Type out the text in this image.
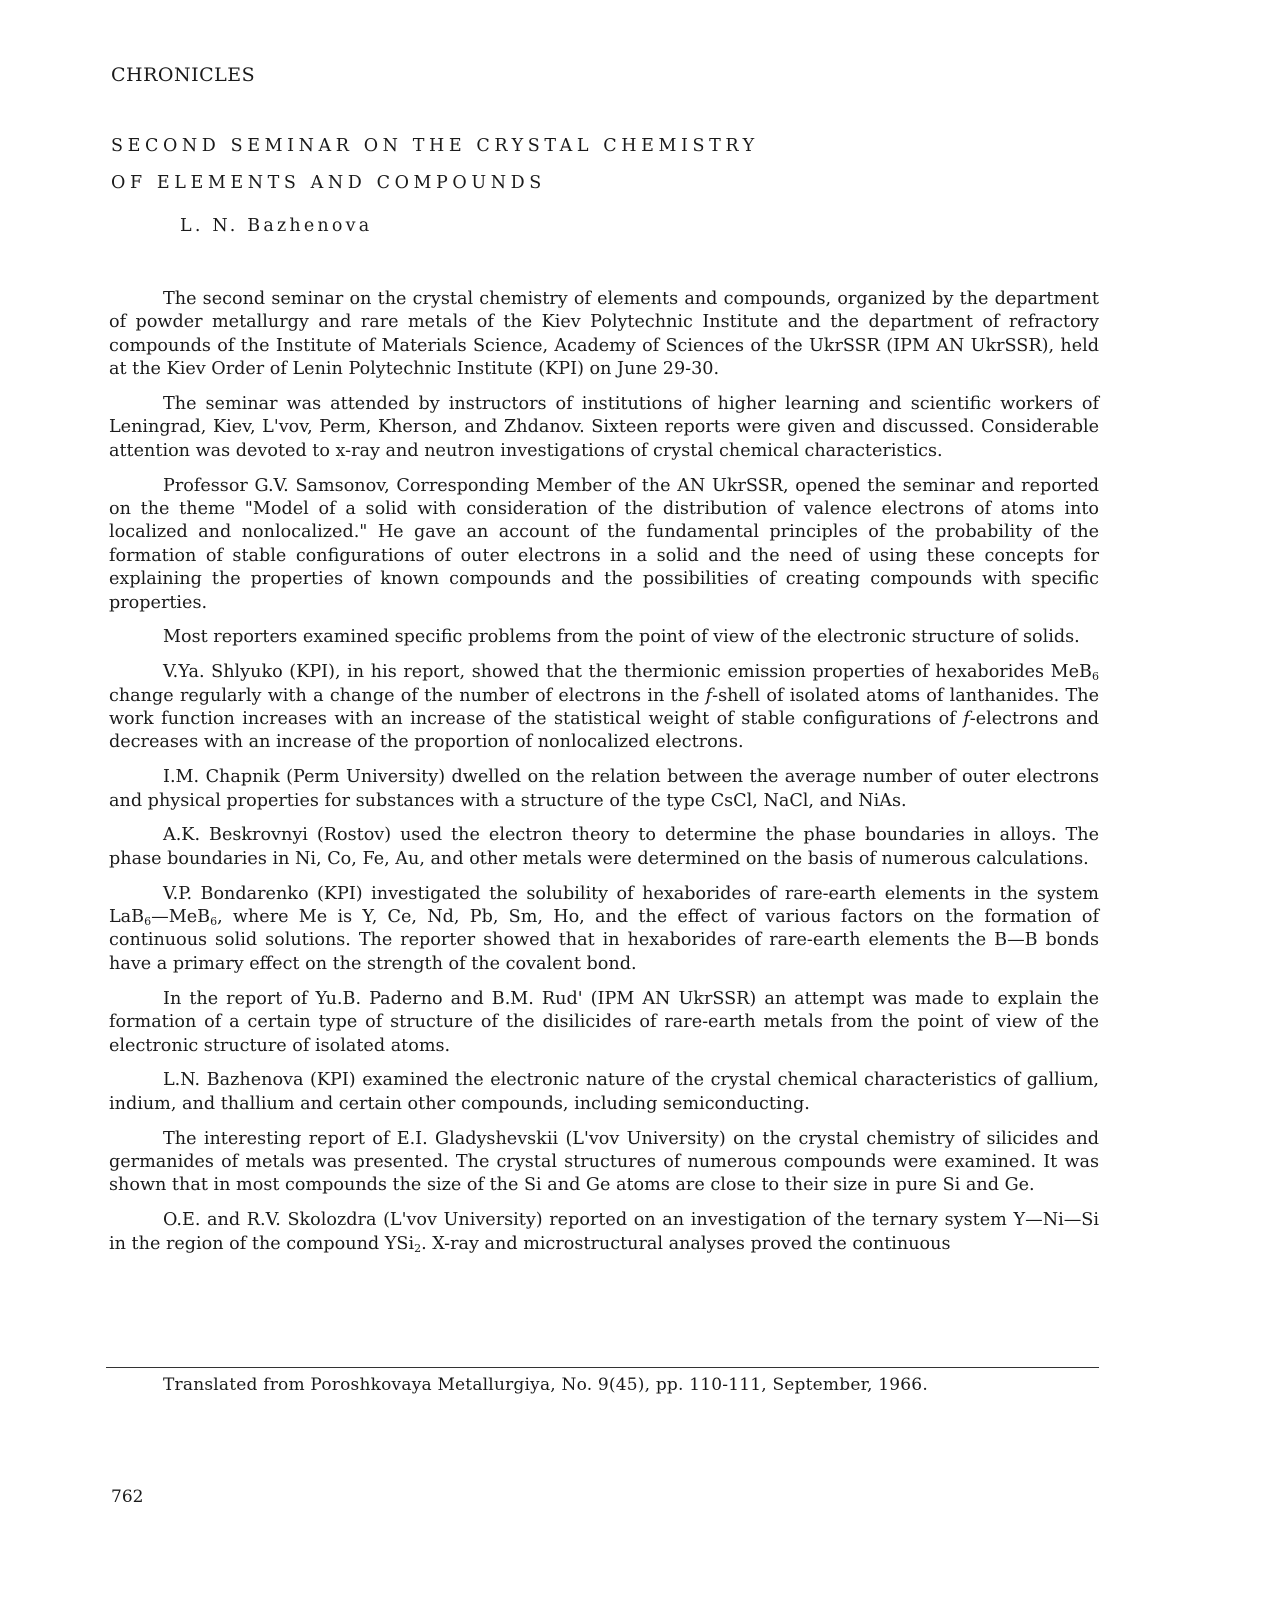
CHRONICLES
SECOND SEMINAR ON THE CRYSTAL CHEMISTRY
OF ELEMENTS AND COMPOUNDS
L. N. Bazhenova

The second seminar on the crystal chemistry of elements and compounds, organized by the department of powder metallurgy and rare metals of the Kiev Polytechnic Institute and the department of refractory compounds of the Institute of Materials Science, Academy of Sciences of the UkrSSR (IPM AN UkrSSR), held at the Kiev Order of Lenin Polytechnic Institute (KPI) on June 29-30.

The seminar was attended by instructors of institutions of higher learning and scientific workers of Leningrad, Kiev, L'vov, Perm, Kherson, and Zhdanov. Sixteen reports were given and discussed. Considerable attention was devoted to x-ray and neutron investigations of crystal chemical characteristics.

Professor G.V. Samsonov, Corresponding Member of the AN UkrSSR, opened the seminar and reported on the theme "Model of a solid with consideration of the distribution of valence electrons of atoms into localized and nonlocalized." He gave an account of the fundamental principles of the probability of the formation of stable configurations of outer electrons in a solid and the need of using these concepts for explaining the properties of known compounds and the possibilities of creating compounds with specific properties.

Most reporters examined specific problems from the point of view of the electronic structure of solids.

V.Ya. Shlyuko (KPI), in his report, showed that the thermionic emission properties of hexaborides MeB$_6$ change regularly with a change of the number of electrons in the f-shell of isolated atoms of lanthanides. The work function increases with an increase of the statistical weight of stable configurations of f-electrons and decreases with an increase of the proportion of nonlocalized electrons.

I.M. Chapnik (Perm University) dwelled on the relation between the average number of outer electrons and physical properties for substances with a structure of the type CsCl, NaCl, and NiAs.

A.K. Beskrovnyi (Rostov) used the electron theory to determine the phase boundaries in alloys. The phase boundaries in Ni, Co, Fe, Au, and other metals were determined on the basis of numerous calculations.

V.P. Bondarenko (KPI) investigated the solubility of hexaborides of rare-earth elements in the system LaB$_6$—MeB$_6$, where Me is Y, Ce, Nd, Pb, Sm, Ho, and the effect of various factors on the formation of continuous solid solutions. The reporter showed that in hexaborides of rare-earth elements the B—B bonds have a primary effect on the strength of the covalent bond.

In the report of Yu.B. Paderno and B.M. Rud' (IPM AN UkrSSR) an attempt was made to explain the formation of a certain type of structure of the disilicides of rare-earth metals from the point of view of the electronic structure of isolated atoms.

L.N. Bazhenova (KPI) examined the electronic nature of the crystal chemical characteristics of gallium, indium, and thallium and certain other compounds, including semiconducting.

The interesting report of E.I. Gladyshevskii (L'vov University) on the crystal chemistry of silicides and germanides of metals was presented. The crystal structures of numerous compounds were examined. It was shown that in most compounds the size of the Si and Ge atoms are close to their size in pure Si and Ge.

O.E. and R.V. Skolozdra (L'vov University) reported on an investigation of the ternary system Y—Ni—Si in the region of the compound YSi$_2$. X-ray and microstructural analyses proved the continuous

Translated from Poroshkovaya Metallurgiya, No. 9(45), pp. 110-111, September, 1966.
762
